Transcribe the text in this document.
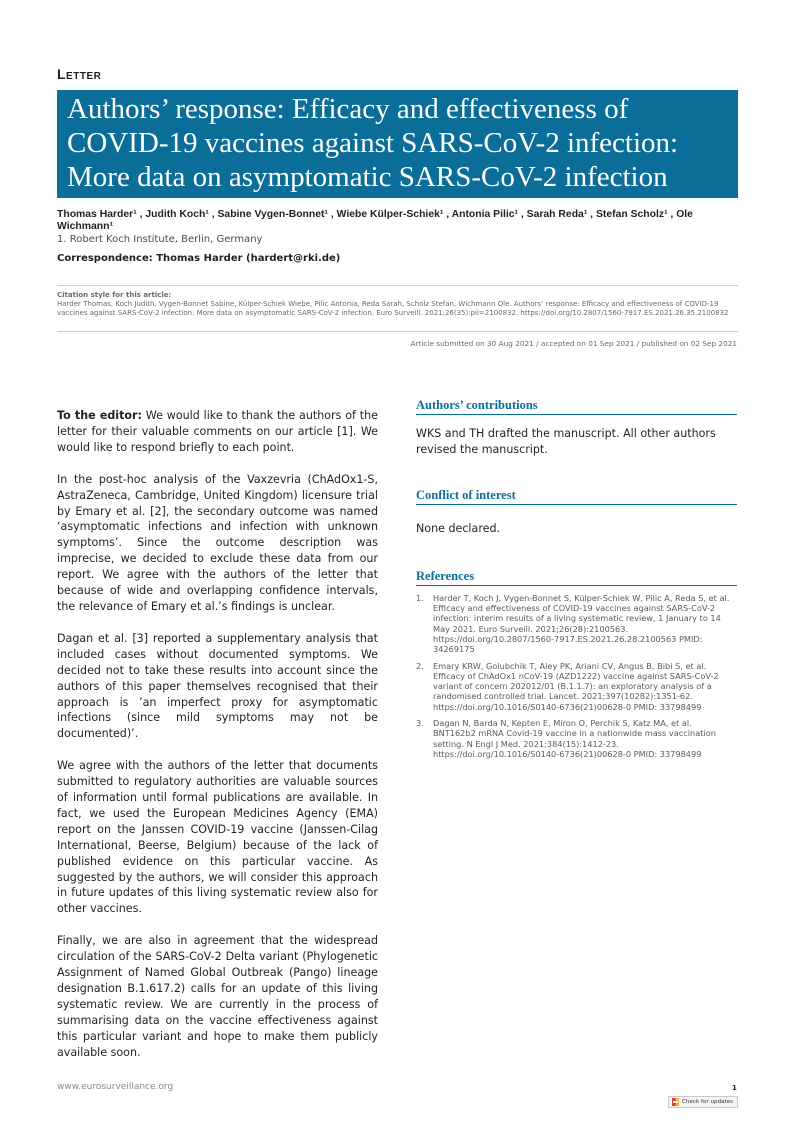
Letter
Authors’ response: Efficacy and effectiveness of
COVID-19 vaccines against SARS-CoV-2 infection:
More data on asymptomatic SARS-CoV-2 infection
Thomas Harder¹ , Judith Koch¹ , Sabine Vygen-Bonnet¹ , Wiebe Külper-Schiek¹ , Antonia Pilic¹ , Sarah Reda¹ , Stefan Scholz¹ , Ole Wichmann¹
1. Robert Koch Institute, Berlin, Germany
Correspondence: Thomas Harder (hardert@rki.de)
Citation style for this article:
Harder Thomas, Koch Judith, Vygen-Bonnet Sabine, Külper-Schiek Wiebe, Pilic Antonia, Reda Sarah, Scholz Stefan, Wichmann Ole. Authors’ response: Efficacy and effectiveness of COVID-19 vaccines against SARS-CoV-2 infection: More data on asymptomatic SARS-CoV-2 infection. Euro Surveill. 2021;26(35):pii=2100832. https://doi.org/10.2807/1560-7917.ES.2021.26.35.2100832
Article submitted on 30 Aug 2021 / accepted on 01 Sep 2021 / published on 02 Sep 2021

To the editor: We would like to thank the authors of the letter for their valuable comments on our article [1]. We would like to respond briefly to each point.

In the post-hoc analysis of the Vaxzevria (ChAdOx1-S, AstraZeneca, Cambridge, United Kingdom) licensure trial by Emary et al. [2], the secondary outcome was named ‘asymptomatic infections and infection with unknown symptoms’. Since the outcome description was imprecise, we decided to exclude these data from our report. We agree with the authors of the letter that because of wide and overlapping confidence intervals, the relevance of Emary et al.’s findings is unclear.

Dagan et al. [3] reported a supplementary analysis that included cases without documented symptoms. We decided not to take these results into account since the authors of this paper themselves recognised that their approach is ’an imperfect proxy for asymptomatic infections (since mild symptoms may not be documented)’.

We agree with the authors of the letter that documents submitted to regulatory authorities are valuable sources of information until formal publications are available. In fact, we used the European Medicines Agency (EMA) report on the Janssen COVID-19 vaccine (Janssen-Cilag International, Beerse, Belgium) because of the lack of published evidence on this particular vaccine. As suggested by the authors, we will consider this approach in future updates of this living systematic review also for other vaccines.

Finally, we are also in agreement that the widespread circulation of the SARS-CoV-2 Delta variant (Phylogenetic Assignment of Named Global Outbreak (Pango) lineage designation B.1.617.2) calls for an update of this living systematic review. We are currently in the process of summarising data on the vaccine effectiveness against this particular variant and hope to make them publicly available soon.

Authors’ contributions

WKS and TH drafted the manuscript. All other authors revised the manuscript.

Conflict of interest

None declared.

References
1. Harder T, Koch J, Vygen-Bonnet S, Külper-Schiek W, Pilic A, Reda S, et al. Efficacy and effectiveness of COVID-19 vaccines against SARS-CoV-2 infection: interim results of a living systematic review, 1 January to 14 May 2021. Euro Surveill. 2021;26(28):2100563. https://doi.org/10.2807/1560-7917.ES.2021.26.28.2100563 PMID: 34269175
2. Emary KRW, Golubchik T, Aley PK, Ariani CV, Angus B, Bibi S, et al. Efficacy of ChAdOx1 nCoV-19 (AZD1222) vaccine against SARS-CoV-2 variant of concern 202012/01 (B.1.1.7): an exploratory analysis of a randomised controlled trial. Lancet. 2021;397(10282):1351-62. https://doi.org/10.1016/S0140-6736(21)00628-0 PMID: 33798499
3. Dagan N, Barda N, Kepten E, Miron O, Perchik S, Katz MA, et al. BNT162b2 mRNA Covid-19 vaccine in a nationwide mass vaccination setting. N Engl J Med. 2021;384(15):1412-23. https://doi.org/10.1016/S0140-6736(21)00628-0 PMID: 33798499
www.eurosurveillance.org	1
Check for updates
